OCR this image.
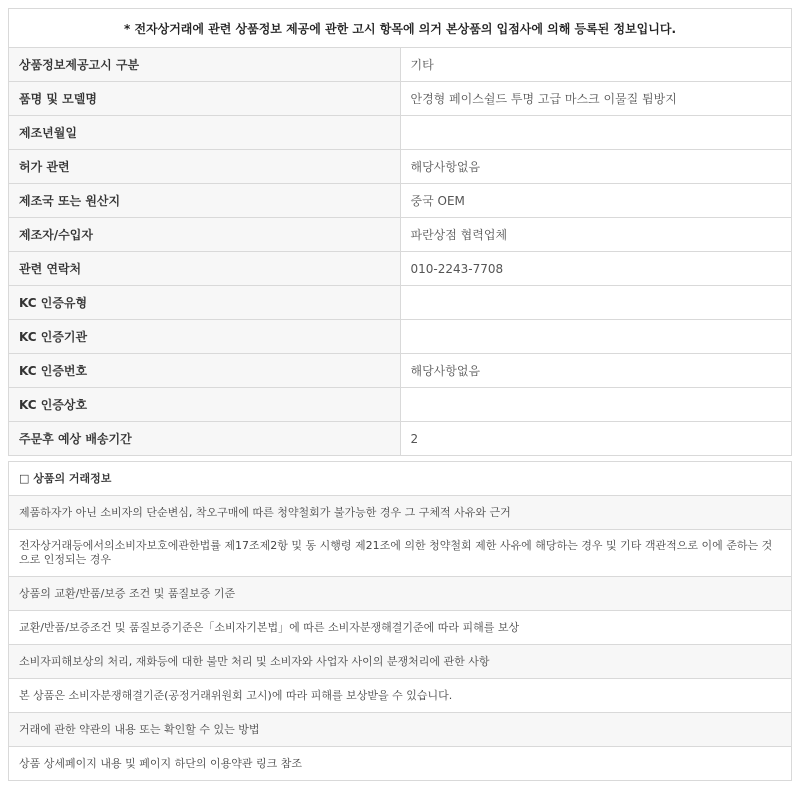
* 전자상거래에 관련 상품정보 제공에 관한 고시 항목에 의거 본상품의 입점사에 의해 등록된 정보입니다.	
상품정보제공고시 구분	기타
품명 및 모델명	안경형 페이스쉴드 투명 고급 마스크 이물질 튐방지
제조년월일	
허가 관련	해당사항없음
제조국 또는 원산지	중국 OEM
제조자/수입자	파란상점 협력업체
관련 연락처	010-2243-7708
KC 인증유형	
KC 인증기관	
KC 인증번호	해당사항없음
KC 인증상호	
주문후 예상 배송기간	2
□ 상품의 거래정보
제품하자가 아닌 소비자의 단순변심, 착오구매에 따른 청약철회가 불가능한 경우 그 구체적 사유와 근거
전자상거래등에서의소비자보호에관한법률 제17조제2항 및 동 시행령 제21조에 의한 청약철회 제한 사유에 해당하는 경우 및 기타 객관적으로 이에 준하는 것으로 인정되는 경우
상품의 교환/반품/보증 조건 및 품질보증 기준
교환/반품/보증조건 및 품질보증기준은「소비자기본법」에 따른 소비자분쟁해결기준에 따라 피해를 보상
소비자피해보상의 처리, 재화등에 대한 불만 처리 및 소비자와 사업자 사이의 분쟁처리에 관한 사항
본 상품은 소비자분쟁해결기준(공정거래위원회 고시)에 따라 피해를 보상받을 수 있습니다.
거래에 관한 약관의 내용 또는 확인할 수 있는 방법
상품 상세페이지 내용 및 페이지 하단의 이용약관 링크 참조
